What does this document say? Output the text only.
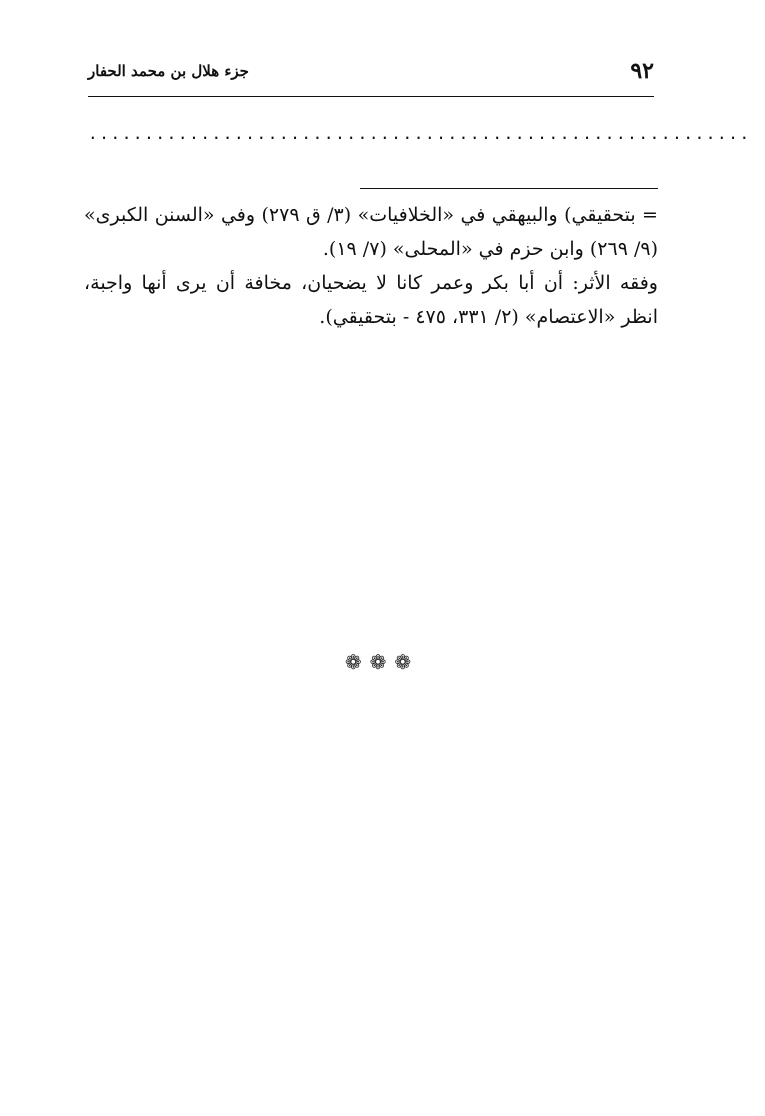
٩٢
جزء هلال بن محمد الحفار
...........................................................

= بتحقيقي) والبيهقي في «الخلافيات» (٣/ ق ٢٧٩) وفي «السنن الكبرى» (٩/ ٢٦٩) وابن حزم في «المحلى» (٧/ ١٩).

وفقه الأثر: أن أبا بكر وعمر كانا لا يضحيان، مخافة أن يرى أنها واجبة، انظر «الاعتصام» (٢/ ٣٣١، ٤٧٥ - بتحقيقي).

❁❁❁
